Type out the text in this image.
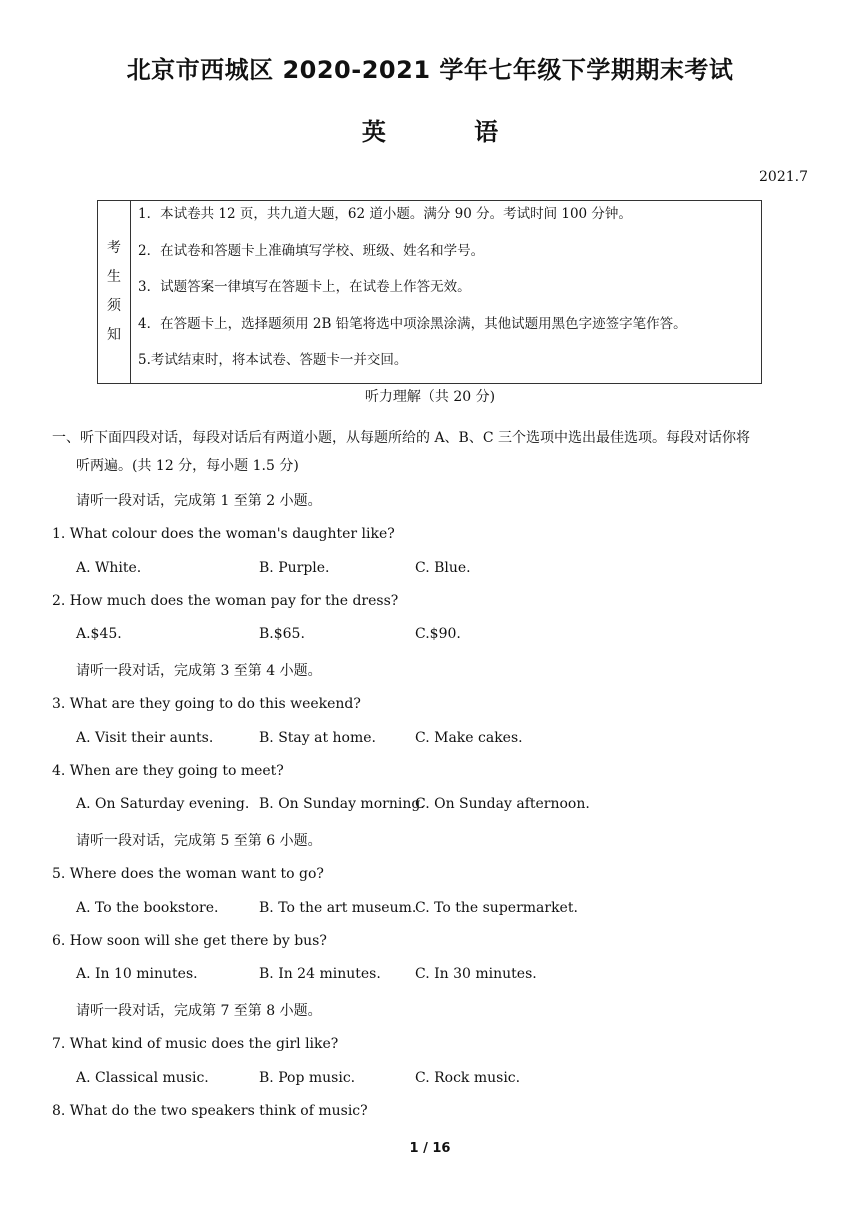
北京市西城区 2020-2021 学年七年级下学期期末考试
英 语
2021.7
考
生
须
知
1．本试卷共 12 页，共九道大题，62 道小题。满分 90 分。考试时间 100 分钟。
2．在试卷和答题卡上准确填写学校、班级、姓名和学号。
3．试题答案一律填写在答题卡上，在试卷上作答无效。
4．在答题卡上，选择题须用 2B 铅笔将选中项涂黑涂满，其他试题用黑色字迹签字笔作答。
5.考试结束时，将本试卷、答题卡一并交回。
听力理解（共 20 分)
一、听下面四段对话，每段对话后有两道小题，从每题所给的 A、B、C 三个选项中选出最佳选项。每段对话你将
听两遍。(共 12 分，每小题 1.5 分)
请听一段对话，完成第 1 至第 2 小题。
1. What colour does the woman's daughter like?
A. White.	B. Purple.	C. Blue.
2. How much does the woman pay for the dress?
A.$45.	B.$65.	C.$90.
请听一段对话，完成第 3 至第 4 小题。
3. What are they going to do this weekend?
A. Visit their aunts.	B. Stay at home.	C. Make cakes.
4. When are they going to meet?
A. On Saturday evening. B. On Sunday morning.
C. On Sunday afternoon.
请听一段对话，完成第 5 至第 6 小题。
5. Where does the woman want to go?
A. To the bookstore.	B. To the art museum.
C. To the supermarket.
6. How soon will she get there by bus?
A. In 10 minutes.	B. In 24 minutes. C. In 30 minutes.
请听一段对话，完成第 7 至第 8 小题。
7. What kind of music does the girl like?
A. Classical music.	B. Pop music.	C. Rock music.
8. What do the two speakers think of music?
1 / 16
